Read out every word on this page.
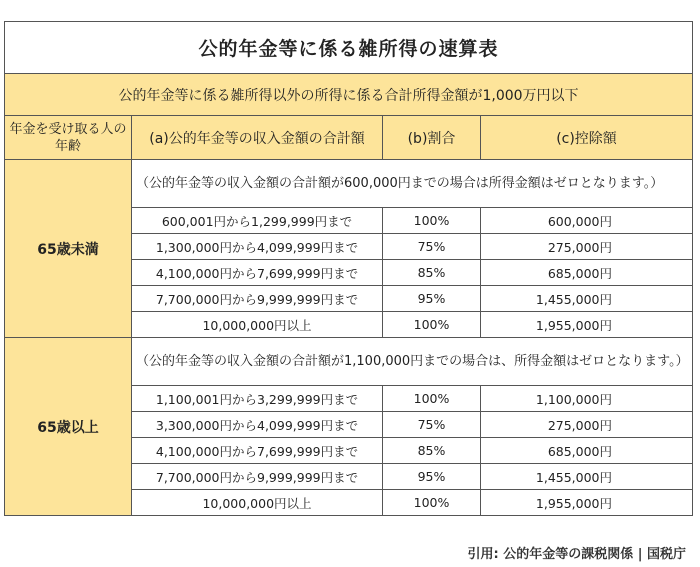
公的年金等に係る雑所得の速算表			
公的年金等に係る雑所得以外の所得に係る合計所得金額が1,000万円以下			
年金を受け取る人の年齢	(a)公的年金等の収入金額の合計額	(b)割合	(c)控除額
65歳未満	（公的年金等の収入金額の合計額が600,000円までの場合は所得金額はゼロとなります。）		
	600,001円から1,299,999円まで	100%	600,000円
	1,300,000円から4,099,999円まで	75%	275,000円
	4,100,000円から7,699,999円まで	85%	685,000円
	7,700,000円から9,999,999円まで	95%	1,455,000円
	10,000,000円以上	100%	1,955,000円
65歳以上	（公的年金等の収入金額の合計額が1,100,000円までの場合は、所得金額はゼロとなります。）		
	1,100,001円から3,299,999円まで	100%	1,100,000円
	3,300,000円から4,099,999円まで	75%	275,000円
	4,100,000円から7,699,999円まで	85%	685,000円
	7,700,000円から9,999,999円まで	95%	1,455,000円
	10,000,000円以上	100%	1,955,000円
引用: 公的年金等の課税関係 | 国税庁
